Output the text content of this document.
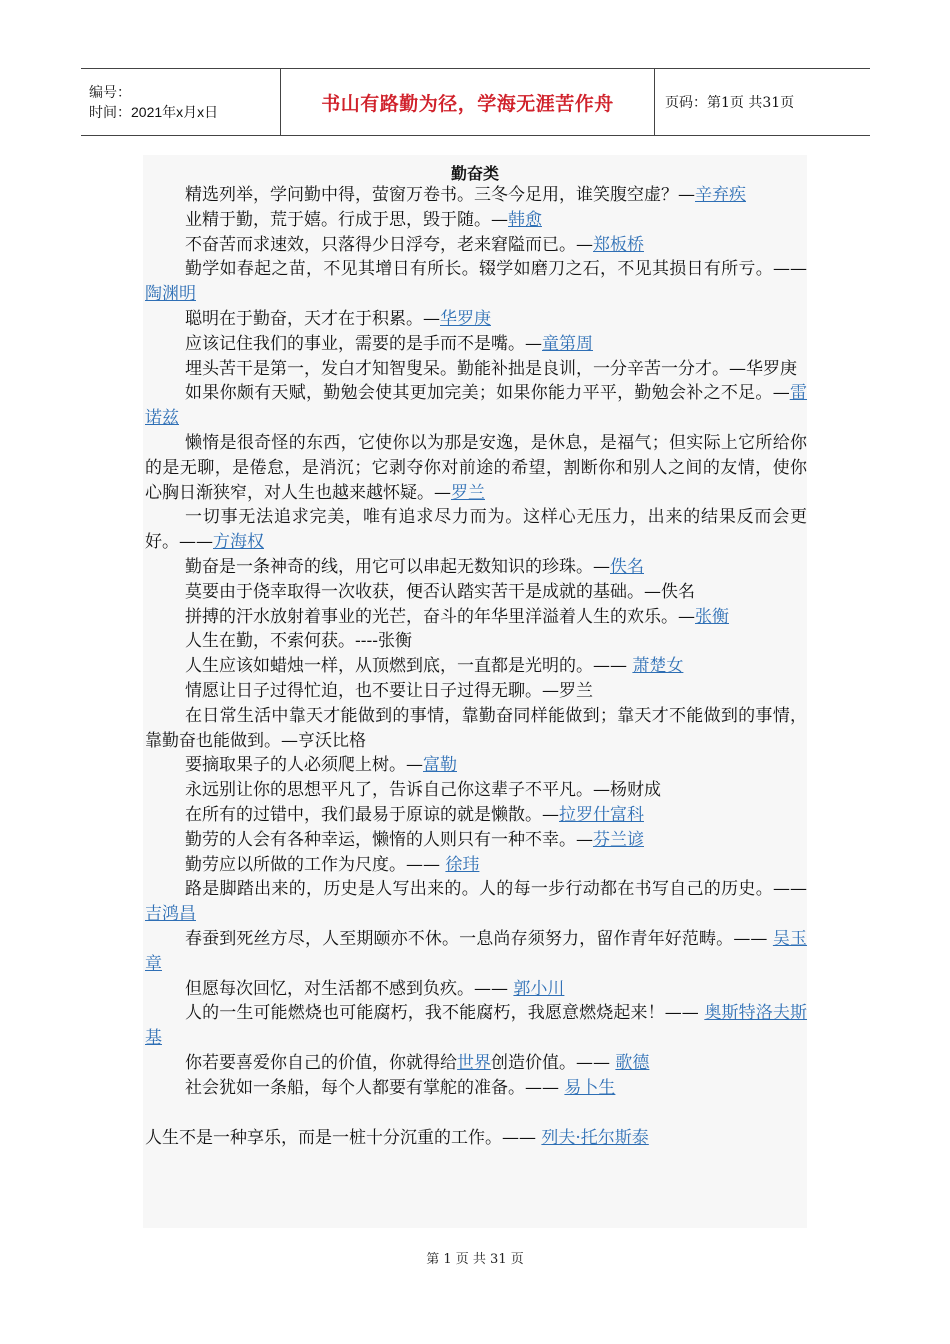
编号：
时间：2021年x月x日	书山有路勤为径，学海无涯苦作舟	页码：第1页 共31页
勤奋类

精选列举，学问勤中得，萤窗万卷书。三冬今足用，谁笑腹空虚？—辛弃疾

业精于勤，荒于嬉。行成于思，毁于随。—韩愈

不奋苦而求速效，只落得少日浮夸，老来窘隘而已。—郑板桥

勤学如春起之苗，不见其增日有所长。辍学如磨刀之石，不见其损日有所亏。——陶渊明

聪明在于勤奋，天才在于积累。—华罗庚

应该记住我们的事业，需要的是手而不是嘴。—童第周

埋头苦干是第一，发白才知智叟呆。勤能补拙是良训，一分辛苦一分才。—华罗庚

如果你颇有天赋，勤勉会使其更加完美；如果你能力平平，勤勉会补之不足。—雷诺兹

懒惰是很奇怪的东西，它使你以为那是安逸，是休息，是福气；但实际上它所给你的是无聊，是倦怠，是消沉；它剥夺你对前途的希望，割断你和别人之间的友情，使你心胸日渐狭窄，对人生也越来越怀疑。—罗兰

一切事无法追求完美，唯有追求尽力而为。这样心无压力，出来的结果反而会更好。——方海权

勤奋是一条神奇的线，用它可以串起无数知识的珍珠。—佚名

莫要由于侥幸取得一次收获，便否认踏实苦干是成就的基础。—佚名

拼搏的汗水放射着事业的光芒，奋斗的年华里洋溢着人生的欢乐。—张衡

人生在勤，不索何获。----张衡

人生应该如蜡烛一样，从顶燃到底，一直都是光明的。—— 萧楚女

情愿让日子过得忙迫，也不要让日子过得无聊。—罗兰

在日常生活中靠天才能做到的事情，靠勤奋同样能做到；靠天才不能做到的事情，靠勤奋也能做到。—亨沃比格

要摘取果子的人必须爬上树。—富勒

永远别让你的思想平凡了，告诉自己你这辈子不平凡。—杨财成

在所有的过错中，我们最易于原谅的就是懒散。—拉罗什富科

勤劳的人会有各种幸运，懒惰的人则只有一种不幸。—芬兰谚

勤劳应以所做的工作为尺度。—— 徐玮

路是脚踏出来的，历史是人写出来的。人的每一步行动都在书写自己的历史。—— 吉鸿昌

春蚕到死丝方尽，人至期颐亦不休。一息尚存须努力，留作青年好范畴。—— 吴玉章

但愿每次回忆，对生活都不感到负疚。—— 郭小川

人的一生可能燃烧也可能腐朽，我不能腐朽，我愿意燃烧起来！—— 奥斯特洛夫斯基

你若要喜爱你自己的价值，你就得给世界创造价值。—— 歌德

社会犹如一条船，每个人都要有掌舵的准备。—— 易卜生

人生不是一种享乐，而是一桩十分沉重的工作。—— 列夫·托尔斯泰

第 1 页 共 31 页
